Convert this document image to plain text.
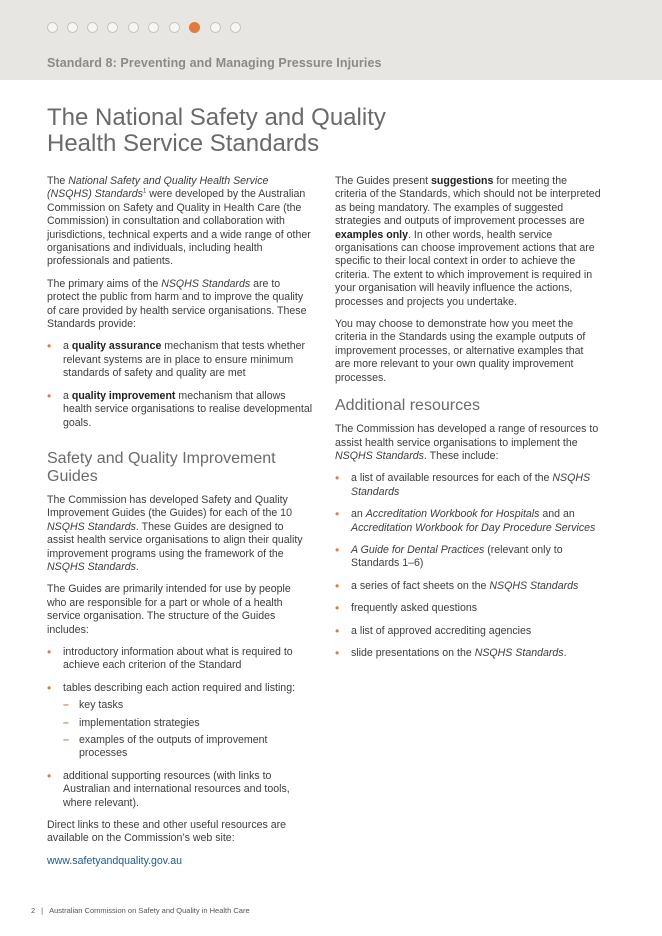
Standard 8: Preventing and Managing Pressure Injuries
The National Safety and Quality
Health Service Standards

The National Safety and Quality Health Service (NSQHS) Standards$^1$ were developed by the Australian Commission on Safety and Quality in Health Care (the Commission) in consultation and collaboration with jurisdictions, technical experts and a wide range of other organisations and individuals, including health professionals and patients.

The primary aims of the NSQHS Standards are to protect the public from harm and to improve the quality of care provided by health service organisations. These Standards provide:

• a quality assurance mechanism that tests whether relevant systems are in place to ensure minimum standards of safety and quality are met
• a quality improvement mechanism that allows health service organisations to realise developmental goals.
Safety and Quality Improvement Guides

The Commission has developed Safety and Quality Improvement Guides (the Guides) for each of the 10 NSQHS Standards. These Guides are designed to assist health service organisations to align their quality improvement programs using the framework of the NSQHS Standards.

The Guides are primarily intended for use by people who are responsible for a part or whole of a health service organisation. The structure of the Guides includes:

• introductory information about what is required to achieve each criterion of the Standard
• tables describing each action required and listing:
– key tasks
– implementation strategies
– examples of the outputs of improvement processes
• additional supporting resources (with links to Australian and international resources and tools, where relevant).

Direct links to these and other useful resources are available on the Commission’s web site:

www.safetyandquality.gov.au

The Guides present suggestions for meeting the criteria of the Standards, which should not be interpreted as being mandatory. The examples of suggested strategies and outputs of improvement processes are examples only. In other words, health service organisations can choose improvement actions that are specific to their local context in order to achieve the criteria. The extent to which improvement is required in your organisation will heavily influence the actions, processes and projects you undertake.

You may choose to demonstrate how you meet the criteria in the Standards using the example outputs of improvement processes, or alternative examples that are more relevant to your own quality improvement processes.

Additional resources

The Commission has developed a range of resources to assist health service organisations to implement the NSQHS Standards. These include:

• a list of available resources for each of the NSQHS Standards
• an Accreditation Workbook for Hospitals and an Accreditation Workbook for Day Procedure Services
• A Guide for Dental Practices (relevant only to Standards 1–6)
• a series of fact sheets on the NSQHS Standards
• frequently asked questions
• a list of approved accrediting agencies
• slide presentations on the NSQHS Standards.
2 | Australian Commission on Safety and Quality in Health Care
